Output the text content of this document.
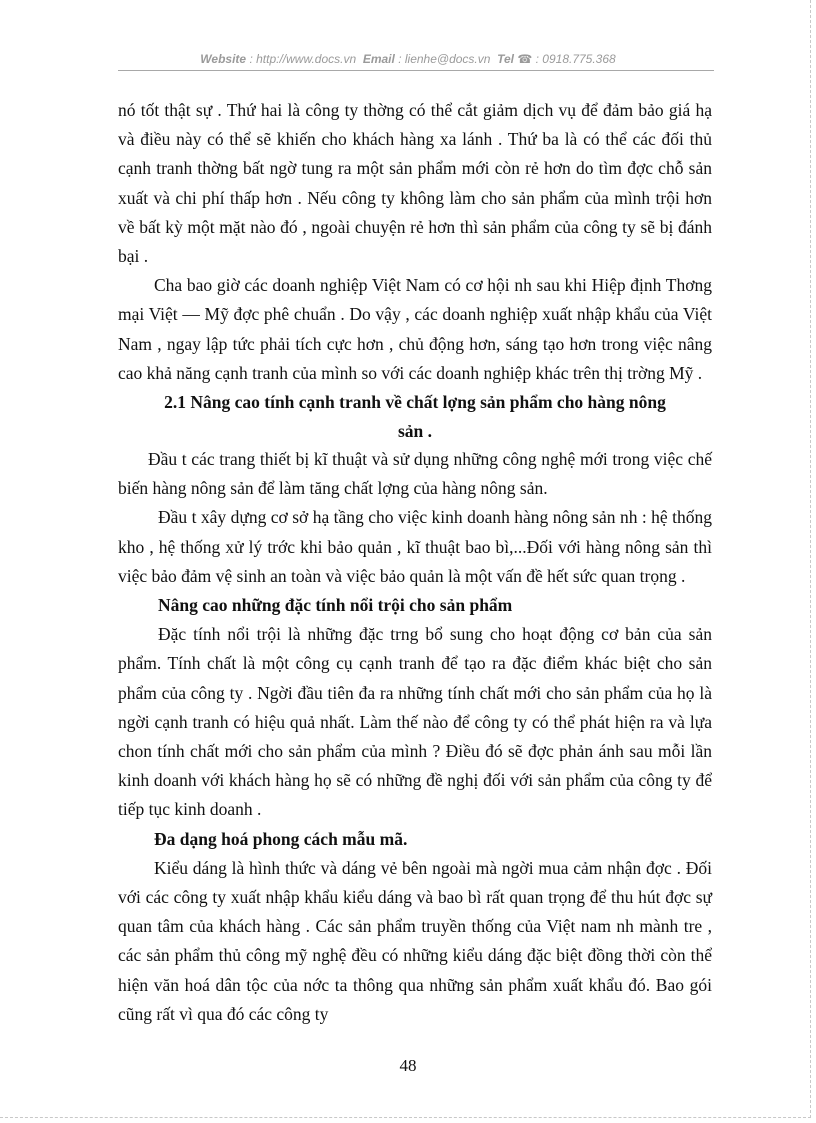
Website : http://www.docs.vn Email : lienhe@docs.vn Tel ☎ : 0918.775.368

nó tốt thật sự . Thứ hai là công ty thờng có thể cắt giảm dịch vụ để đảm bảo giá hạ và điều này có thể sẽ khiến cho khách hàng xa lánh . Thứ ba là có thể các đối thủ cạnh tranh thờng bất ngờ tung ra một sản phẩm mới còn rẻ hơn do tìm đợc chỗ sản xuất và chi phí thấp hơn . Nếu công ty không làm cho sản phẩm của mình trội hơn về bất kỳ một mặt nào đó , ngoài chuyện rẻ hơn thì sản phẩm của công ty sẽ bị đánh bại .

Cha bao giờ các doanh nghiệp Việt Nam có cơ hội nh sau khi Hiệp định Thơng mại Việt — Mỹ đợc phê chuẩn . Do vậy , các doanh nghiệp xuất nhập khẩu của Việt Nam , ngay lập tức phải tích cực hơn , chủ động hơn, sáng tạo hơn trong việc nâng cao khả năng cạnh tranh của mình so với các doanh nghiệp khác trên thị trờng Mỹ .

2.1 Nâng cao tính cạnh tranh về chất lợng sản phẩm cho hàng nông
sản .

Đầu t các trang thiết bị kĩ thuật và sử dụng những công nghệ mới trong việc chế biến hàng nông sản để làm tăng chất lợng của hàng nông sản.

Đầu t xây dựng cơ sở hạ tầng cho việc kinh doanh hàng nông sản nh : hệ thống kho , hệ thống xử lý trớc khi bảo quản , kĩ thuật bao bì,...Đối với hàng nông sản thì việc bảo đảm vệ sinh an toàn và việc bảo quản là một vấn đề hết sức quan trọng .

Nâng cao những đặc tính nổi trội cho sản phẩm

Đặc tính nổi trội là những đặc trng bổ sung cho hoạt động cơ bản của sản phẩm. Tính chất là một công cụ cạnh tranh để tạo ra đặc điểm khác biệt cho sản phẩm của công ty . Ngời đầu tiên đa ra những tính chất mới cho sản phẩm của họ là ngời cạnh tranh có hiệu quả nhất. Làm thế nào để công ty có thể phát hiện ra và lựa chon tính chất mới cho sản phẩm của mình ? Điều đó sẽ đợc phản ánh sau mỗi lần kinh doanh với khách hàng họ sẽ có những đề nghị đối với sản phẩm của công ty để tiếp tục kinh doanh .

Đa dạng hoá phong cách mẫu mã.

Kiểu dáng là hình thức và dáng vẻ bên ngoài mà ngời mua cảm nhận đợc . Đối với các công ty xuất nhập khẩu kiểu dáng và bao bì rất quan trọng để thu hút đợc sự quan tâm của khách hàng . Các sản phẩm truyền thống của Việt nam nh mành tre , các sản phẩm thủ công mỹ nghệ đều có những kiểu dáng đặc biệt đồng thời còn thể hiện văn hoá dân tộc của nớc ta thông qua những sản phẩm xuất khẩu đó. Bao gói cũng rất vì qua đó các công ty

48
